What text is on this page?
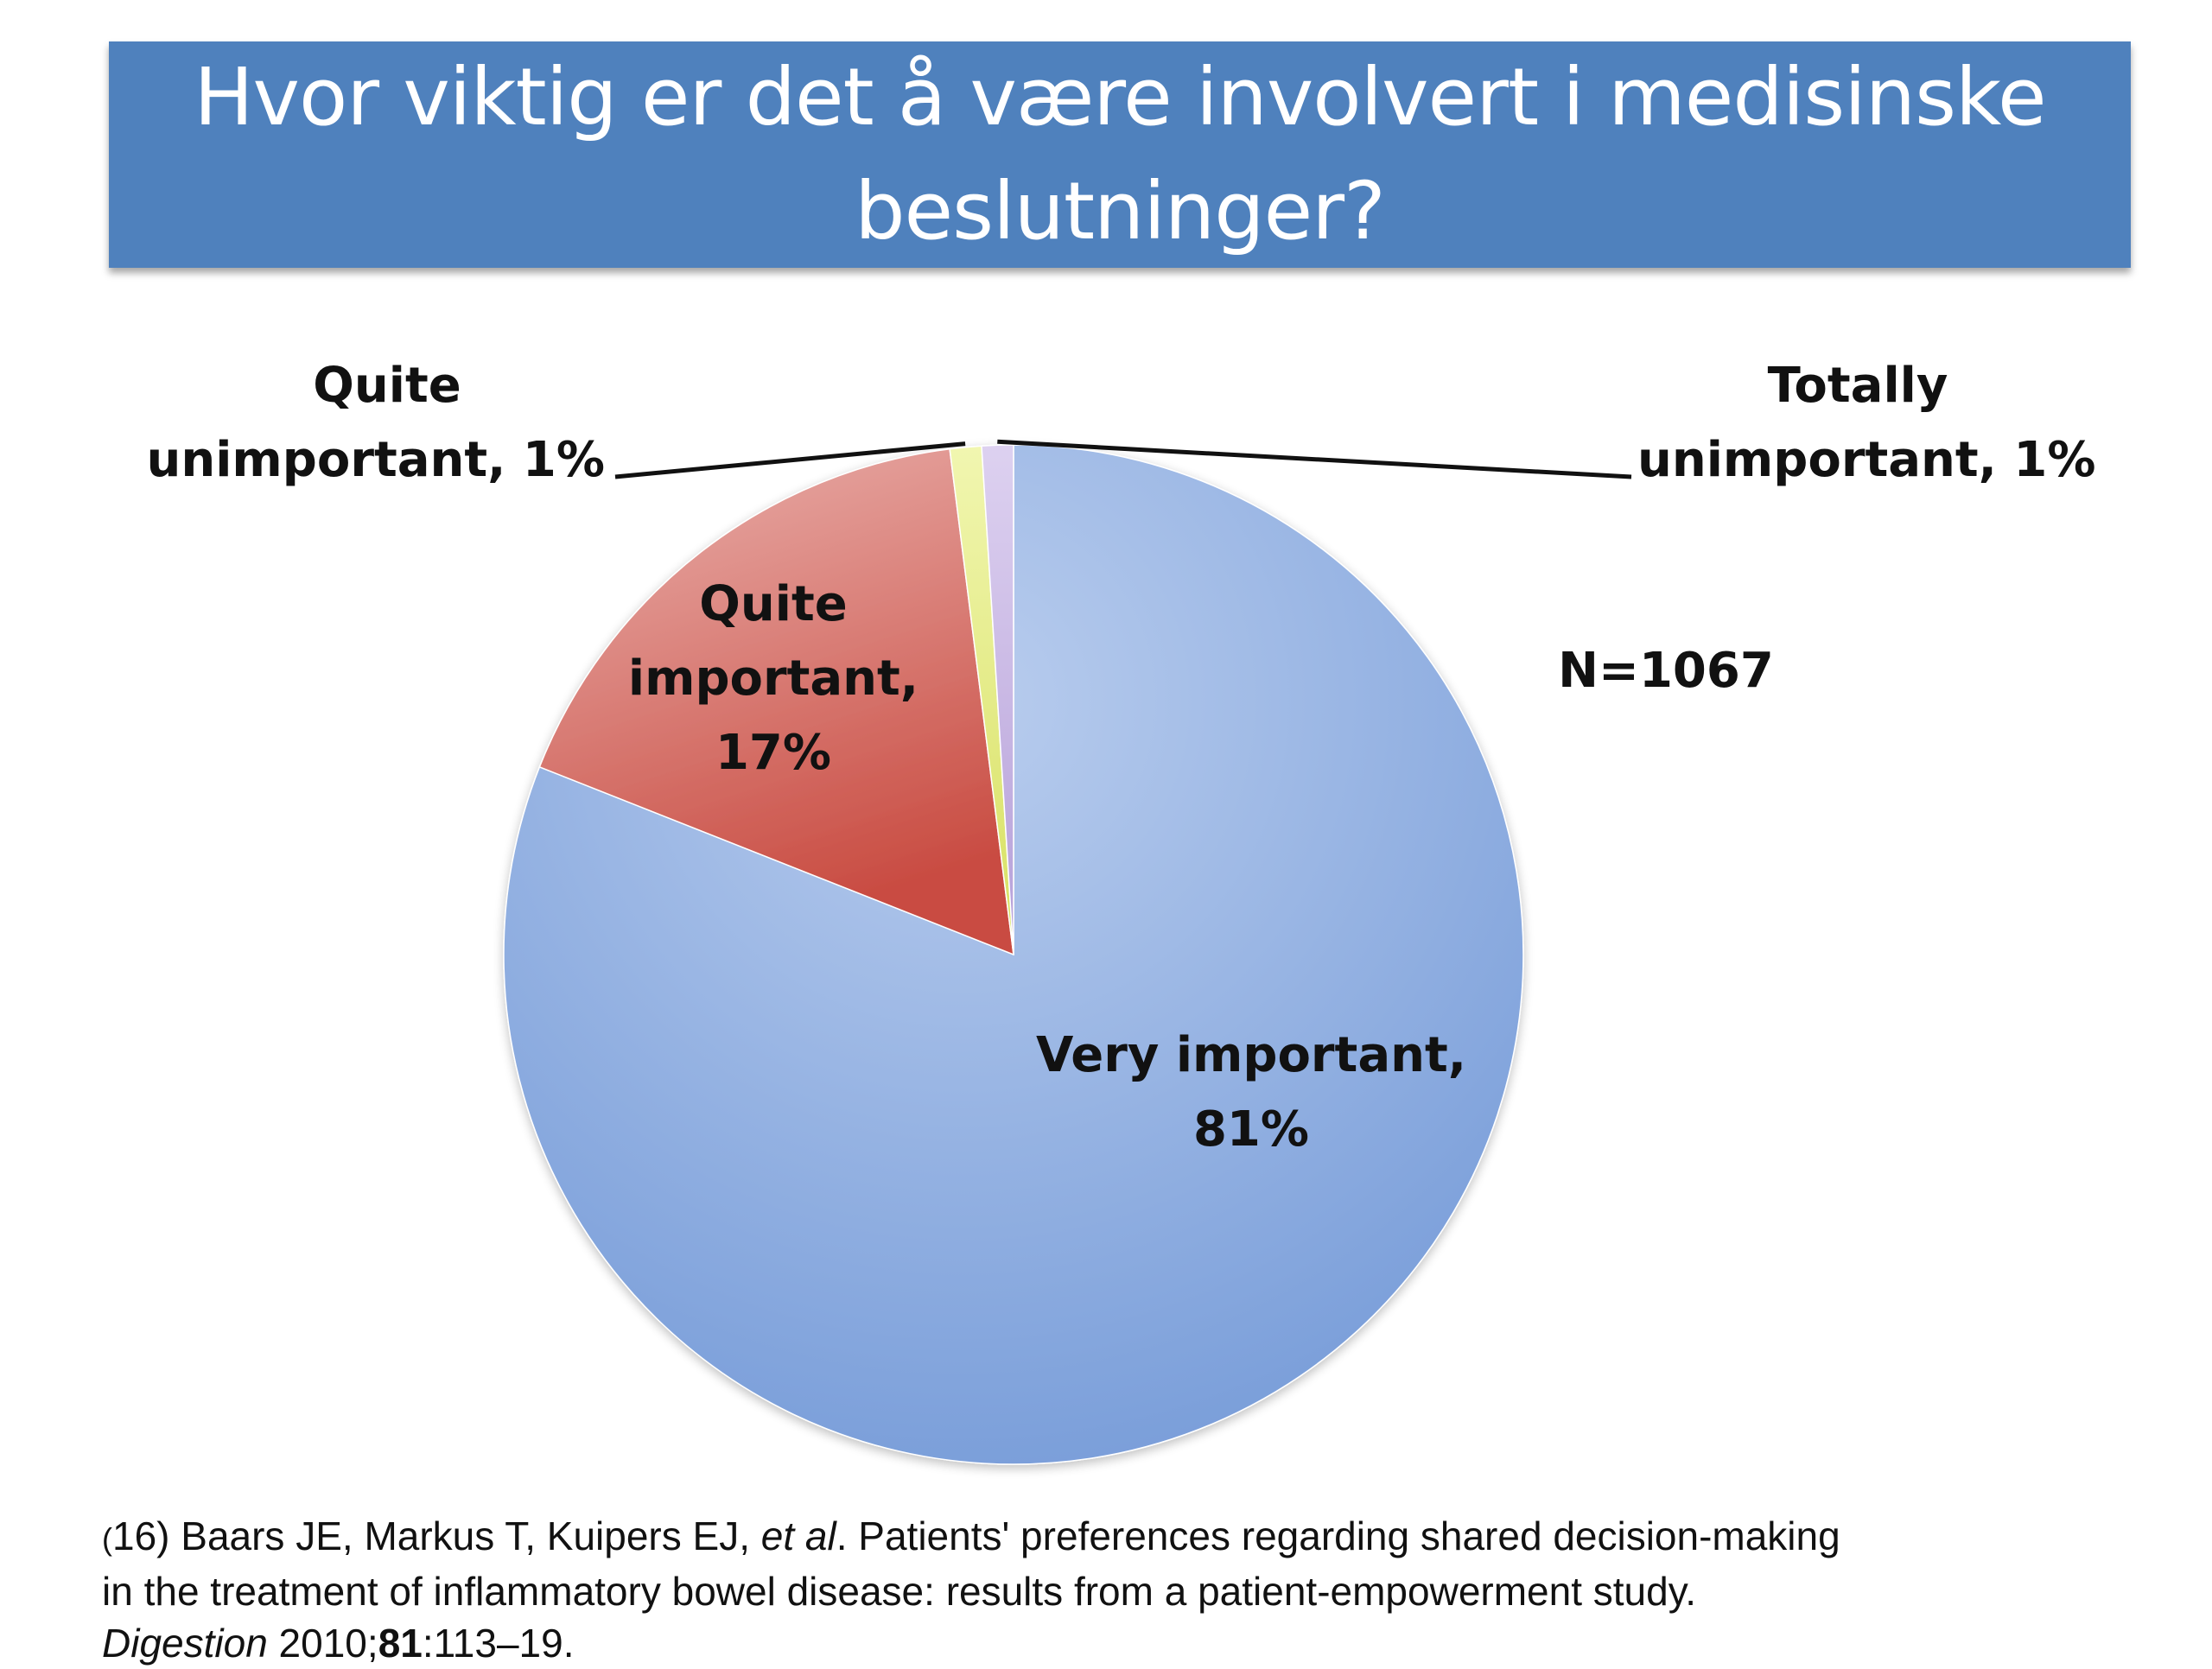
Hvor viktig er det å være involvert i medisinske beslutninger?
Very important, 81%
Quite important, 17%
Quite unimportant, 1%
Totally unimportant, 1%
N=1067
(16) Baars JE, Markus T, Kuipers EJ, et al. Patients' preferences regarding shared decision-making
in the treatment of inflammatory bowel disease: results from a patient-empowerment study.
Digestion 2010;81:113–19.
